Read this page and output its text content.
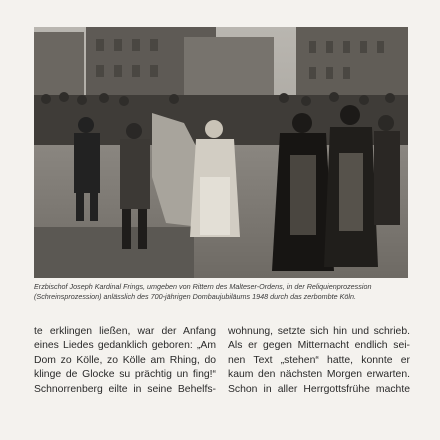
Erzbischof Joseph Kardinal Frings, umgeben von Rittern des Malteser-Ordens, in der Reliquienprozession
(Schreinsprozession) anlässlich des 700-jährigen Dombaujubiläums 1948 durch das zerbombte Köln.

te erklingen ließen, war der Anfang
eines Liedes gedanklich geboren: „Am
Dom zo Kölle, zo Kölle am Rhing, do
klinge de Glocke su prächtig un fing!“
Schnorrenberg eilte in seine Behelfs-
wohnung, setzte sich hin und schrieb.
Als er gegen Mitternacht endlich sei-
nen Text „stehen“ hatte, konnte er
kaum den nächsten Morgen erwarten.
Schon in aller Herrgottsfrühe machte
